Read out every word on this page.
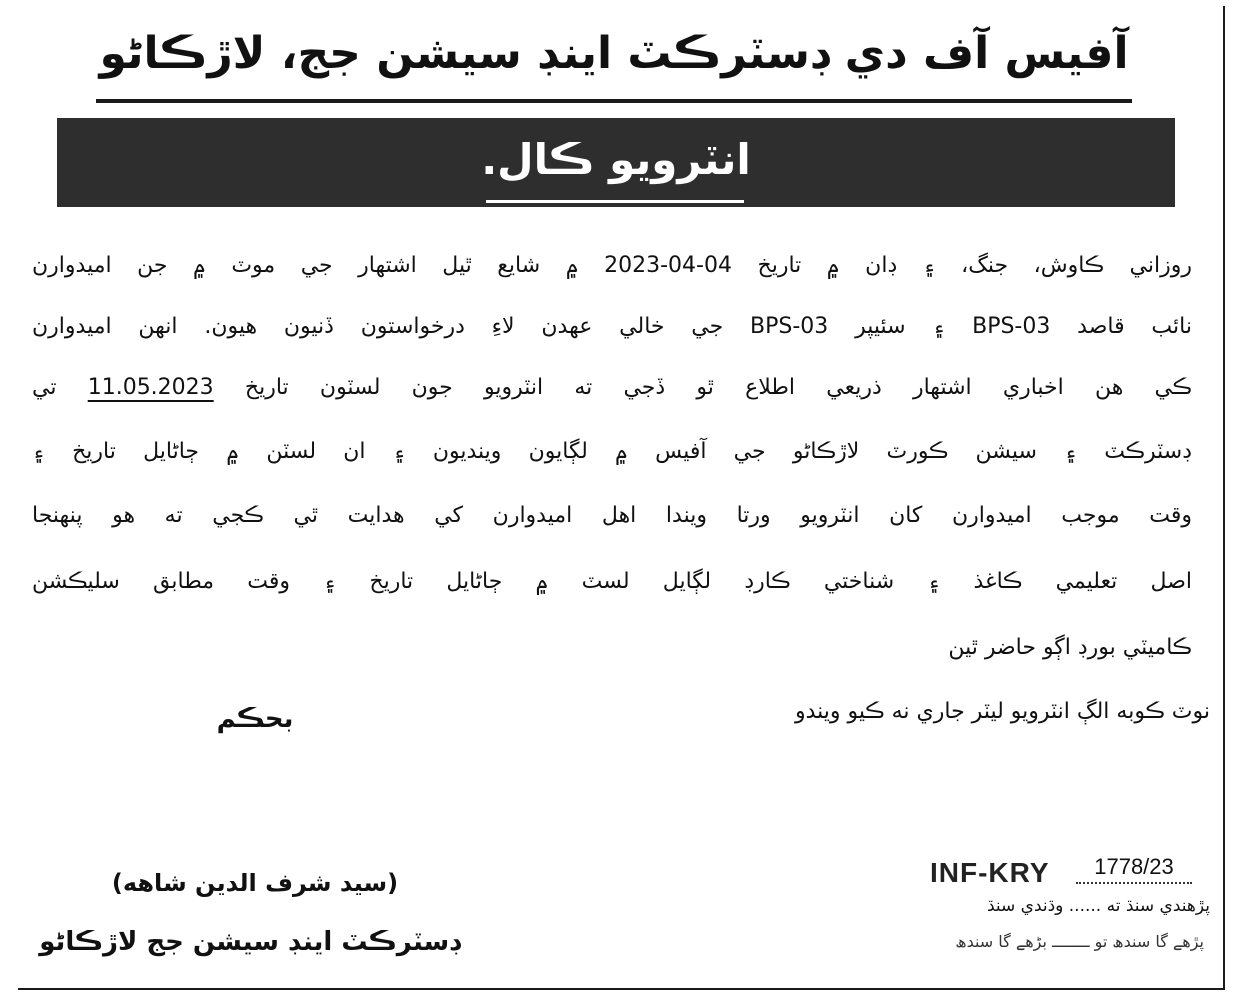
آفيس آف دي ڊسٽرڪٽ اينڊ سيشن جج، لاڙڪاڻو
انٽرويو ڪال.
روزاني ڪاوش، جنگ، ۽ ڊان ۾ تاريخ 04-04-2023 ۾ شايع ٿيل اشتهار جي موٽ ۾ جن اميدوارن
نائب قاصد BPS-03 ۽ سئيپر BPS-03 جي خالي عهدن لاءِ درخواستون ڏنيون هيون. انهن اميدوارن
ڪي هن اخباري اشتهار ذريعي اطلاع ٿو ڏجي ته انٽرويو جون لسٽون تاريخ 11.05.2023 تي
ڊسٽرڪٽ ۽ سيشن ڪورٽ لاڙڪاڻو جي آفيس ۾ لڳايون وينديون ۽ ان لسٽن ۾ ڄاڻايل تاريخ ۽
وقت موجب اميدوارن کان انٽرويو ورتا ويندا اهل اميدوارن کي هدايت ٿي ڪجي ته هو پنهنجا
اصل تعليمي ڪاغذ ۽ شناختي ڪارڊ لڳايل لسٽ ۾ ڄاڻايل تاريخ ۽ وقت مطابق سليڪشن
ڪاميٽي بورڊ اڳو حاضر ٿين
نوٽ ڪوبه الڳ انٽرويو ليٽر جاري نه ڪيو ويندو
بحڪم
(سيد شرف الدين شاهه)
ڊسٽرڪٽ اينڊ سيشن جج لاڙڪاڻو
INF-KRY	1778/23
پڙهندي سنڌ ته ...... وڌندي سنڌ
پڙھے گا سندھ تو ــــــــ بڑھے گا سندھ
